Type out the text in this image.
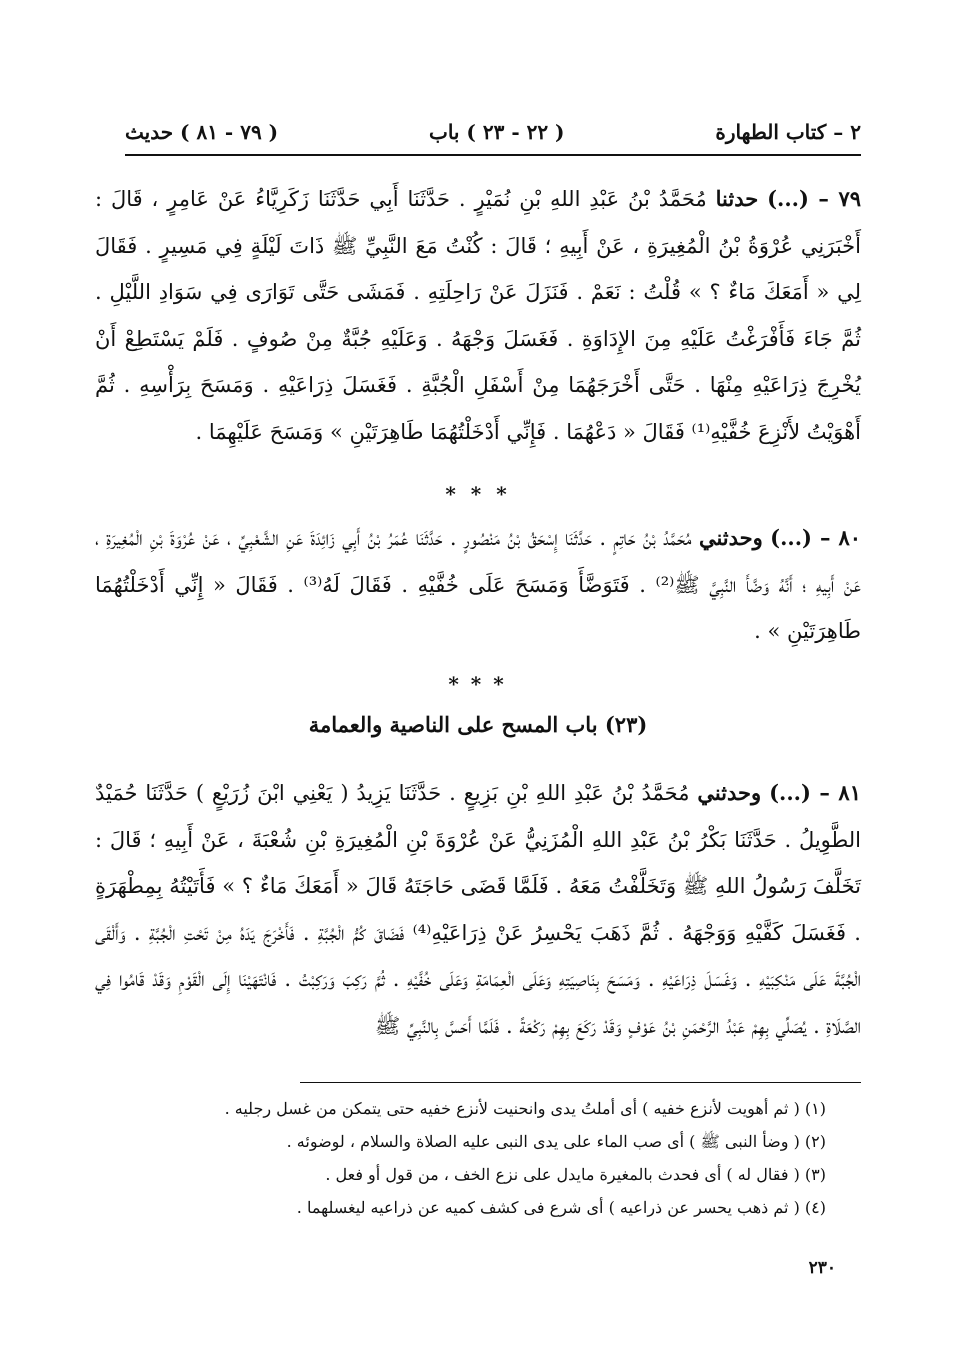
٢ – كتاب الطهارة
( ٢٢ - ٢٣ ) باب
( ٧٩ - ٨١ ) حديث
٧٩ – (...) حدثنا مُحَمَّدُ بْنُ عَبْدِ اللهِ بْنِ نُمَيْرٍ . حَدَّثَنَا أَبِي حَدَّثَنَا زَكَرِيَّاءُ عَنْ عَامِرٍ ، قَالَ : أَخْبَرَنِي عُرْوَةُ بْنُ الْمُغِيرَةِ ، عَنْ أَبِيهِ ؛ قَالَ : كُنْتُ مَعَ النَّبِيِّ ﷺ ذَاتَ لَيْلَةٍ فِي مَسِيرٍ . فَقَالَ لِي « أَمَعَكَ مَاءٌ ؟ » قُلْتُ : نَعَمْ . فَنَزَلَ عَنْ رَاحِلَتِهِ . فَمَشَى حَتَّى تَوَارَى فِي سَوَادِ اللَّيْلِ . ثُمَّ جَاءَ فَأَفْرَغْتُ عَلَيْهِ مِنَ الإِدَاوَةِ . فَغَسَلَ وَجْهَهُ . وَعَلَيْهِ جُبَّةٌ مِنْ صُوفٍ . فَلَمْ يَسْتَطِعْ أَنْ يُخْرِجَ ذِرَاعَيْهِ مِنْهَا . حَتَّى أَخْرَجَهُمَا مِنْ أَسْفَلِ الْجُبَّةِ . فَغَسَلَ ذِرَاعَيْهِ . وَمَسَحَ بِرَأْسِهِ . ثُمَّ أَهْوَيْتُ لأَنْزِعَ خُفَّيْهِ⁽¹⁾ فَقَالَ « دَعْهُمَا . فَإِنِّي أَدْخَلْتُهُمَا طَاهِرَتَيْنِ » وَمَسَحَ عَلَيْهِمَا .
* * *
٨٠ – (...) وحدثني مُحَمَّدُ بْنُ حَاتِمٍ . حَدَّثَنَا إِسْحَقُ بْنُ مَنْصُورٍ . حَدَّثَنَا عُمَرُ بْنُ أَبِي زَائِدَةَ عَنِ الشَّعْبِيِّ ، عَنْ عُرْوَةَ بْنِ الْمُغِيرَةِ ، عَنْ أَبِيهِ ؛ أَنَّهُ وَضَّأَ النَّبِيَّ ﷺ⁽²⁾ . فَتَوَضَّأَ وَمَسَحَ عَلَى خُفَّيْهِ . فَقَالَ لَهُ⁽³⁾ . فَقَالَ « إِنِّي أَدْخَلْتُهُمَا طَاهِرَتَيْنِ » .
* * *
(٢٣) باب المسح على الناصية والعمامة
٨١ – (...) وحدثني مُحَمَّدُ بْنُ عَبْدِ اللهِ بْنِ بَزِيعٍ . حَدَّثَنَا يَزِيدُ ( يَعْنِي ابْنَ زُرَيْعٍ ) حَدَّثَنَا حُمَيْدٌ الطَّوِيلُ . حَدَّثَنَا بَكْرُ بْنُ عَبْدِ اللهِ الْمُزَنِيُّ عَنْ عُرْوَةَ بْنِ الْمُغِيرَةِ بْنِ شُعْبَةَ ، عَنْ أَبِيهِ ؛ قَالَ : تَخَلَّفَ رَسُولُ اللهِ ﷺ وَتَخَلَّفْتُ مَعَهُ . فَلَمَّا قَضَى حَاجَتَهُ قَالَ « أَمَعَكَ مَاءٌ ؟ » فَأَتَيْتُهُ بِمِطْهَرَةٍ . فَغَسَلَ كَفَّيْهِ وَوَجْهَهُ . ثُمَّ ذَهَبَ يَحْسِرُ عَنْ ذِرَاعَيْهِ⁽⁴⁾ فَضَاقَ كُمُّ الْجُبَّةِ . فَأَخْرَجَ يَدَهُ مِنْ تَحْتِ الْجُبَّةِ . وَأَلْقَى الْجُبَّةَ عَلَى مَنْكِبَيْهِ . وَغَسَلَ ذِرَاعَيْهِ . وَمَسَحَ بِنَاصِيَتِهِ وَعَلَى الْعِمَامَةِ وَعَلَى خُفَّيْهِ . ثُمَّ رَكِبَ وَرَكِبْتُ . فَانْتَهَيْنَا إِلَى الْقَوْمِ وَقَدْ قَامُوا فِي الصَّلَاةِ . يُصَلِّي بِهِمْ عَبْدُ الرَّحْمَنِ بْنُ عَوْفٍ وَقَدْ رَكَعَ بِهِمْ رَكْعَةً . فَلَمَّا أَحَسَّ بِالنَّبِيِّ ﷺ
(١) ( ثم أهويت لأنزع خفيه ) أى أملتُ يدى وانحنيت لأنزع خفيه حتى يتمكن من غسل رجليه .
(٢) ( وضأ النبى ﷺ ) أى صب الماء على يدى النبى عليه الصلاة والسلام ، لوضوئه .
(٣) ( فقال له ) أى فحدث بالمغيرة مايدل على نزع الخف ، من قول أو فعل .
(٤) ( ثم ذهب يحسر عن ذراعيه ) أى شرع فى كشف كميه عن ذراعيه ليغسلهما .
٢٣٠
